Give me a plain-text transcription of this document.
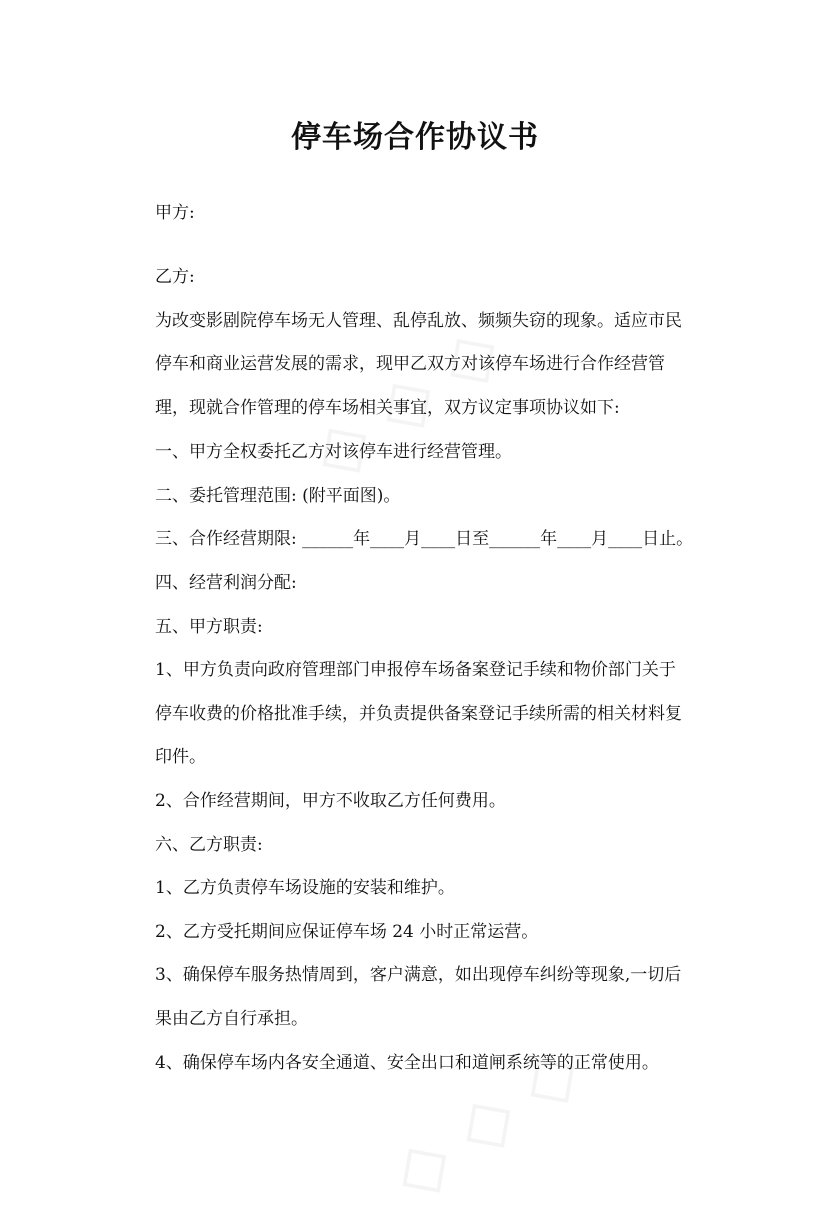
停车场合作协议书
甲方:
乙方:
为改变影剧院停车场无人管理、乱停乱放、频频失窃的现象。适应市民
停车和商业运营发展的需求，现甲乙双方对该停车场进行合作经营管
理，现就合作管理的停车场相关事宜，双方议定事项协议如下:
一、甲方全权委托乙方对该停车进行经营管理。
二、委托管理范围: (附平面图)。
三、合作经营期限: ______年____月____日至______年____月____日止。
四、经营利润分配:
五、甲方职责:
1、甲方负责向政府管理部门申报停车场备案登记手续和物价部门关于
停车收费的价格批准手续，并负责提供备案登记手续所需的相关材料复
印件。
2、合作经营期间，甲方不收取乙方任何费用。
六、乙方职责:
1、乙方负责停车场设施的安装和维护。
2、乙方受托期间应保证停车场 24 小时正常运营。
3、确保停车服务热情周到，客户满意，如出现停车纠纷等现象,一切后
果由乙方自行承担。
4、确保停车场内各安全通道、安全出口和道闸系统等的正常使用。
